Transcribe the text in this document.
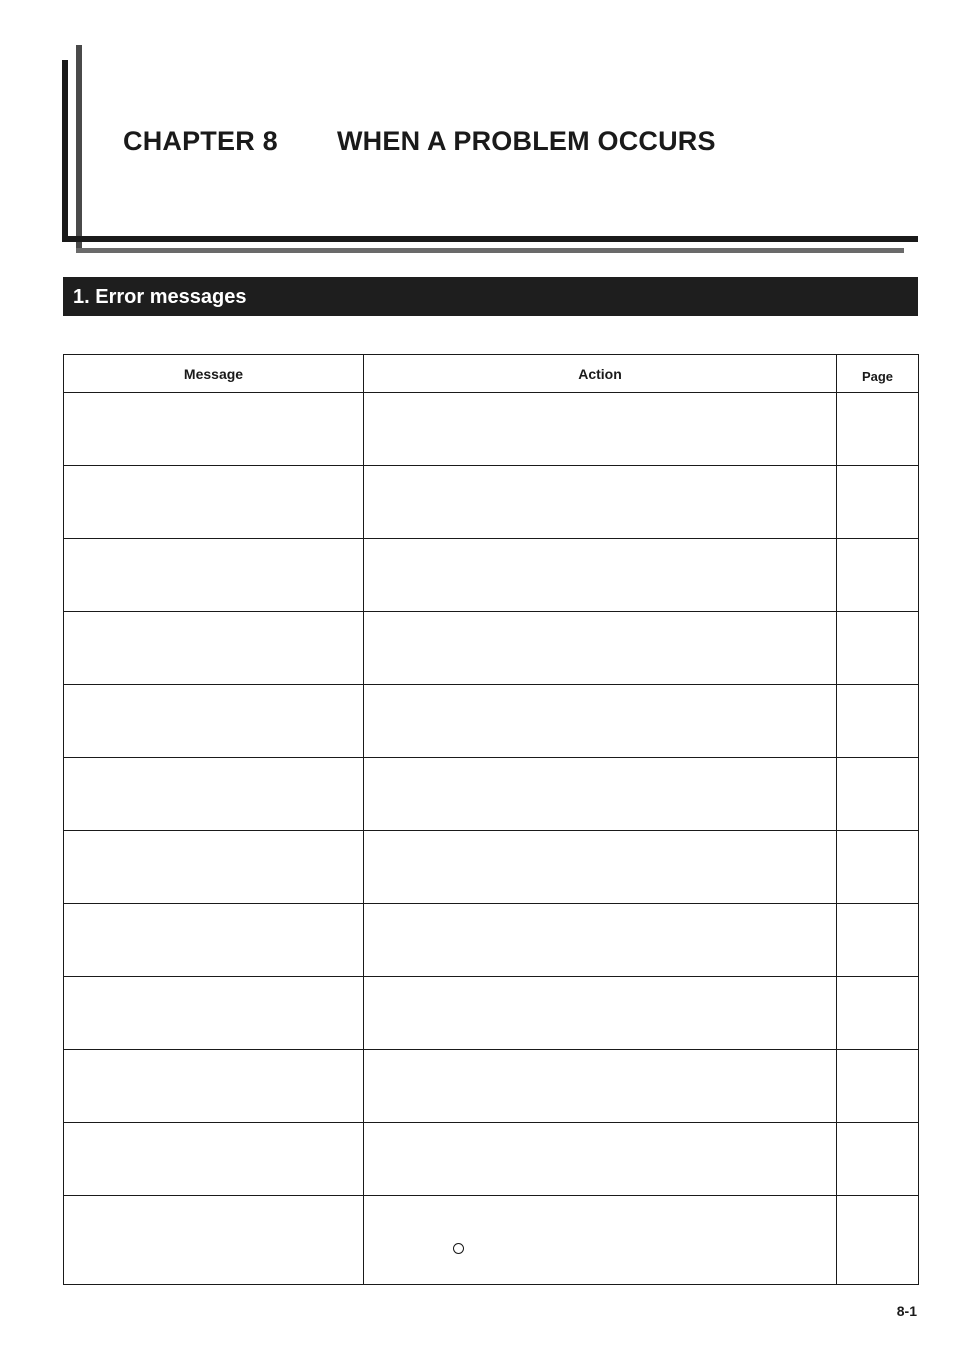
CHAPTER 8 WHEN A PROBLEM OCCURS
1. Error messages
Message	Action	Page

8-1
